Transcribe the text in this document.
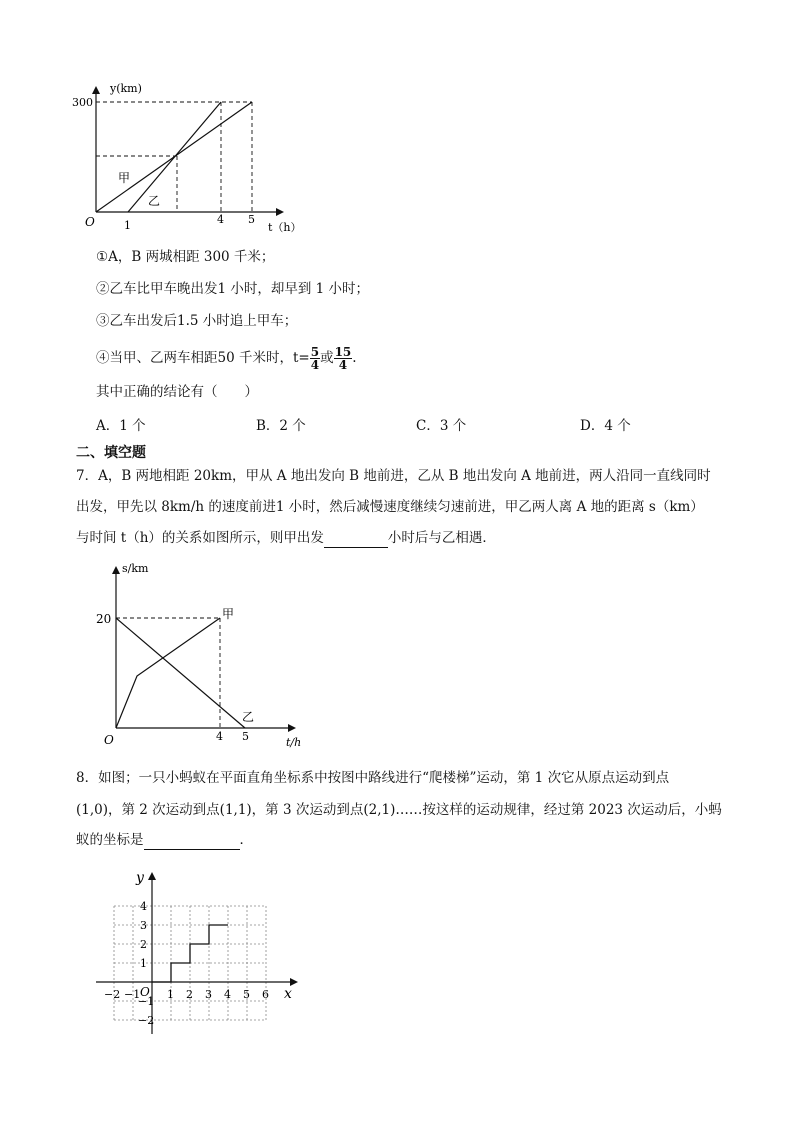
y(km)
300
O	1	4 5
t（h）
甲
乙
①A，B 两城相距 300 千米；
②乙车比甲车晚出发1 小时，却早到 1 小时；
③乙车出发后1.5 小时追上甲车；
④当甲、乙两车相距50 千米时，$t= \frac{5}{4}$ 或 $\frac{15}{4}$ .
其中正确的结论有（　　）
A．1 个	B．2 个	C．3 个	D．4 个
二、填空题
7．A，B 两地相距 20km，甲从 A 地出发向 B 地前进，乙从 B 地出发向 A 地前进，两人沿同一直线同时
出发，甲先以 8km/h 的速度前进1 小时，然后减慢速度继续匀速前进，甲乙两人离 A 地的距离 s（km）
与时间 t（h）的关系如图所示，则甲出发	小时后与乙相遇．
s/km
20
O	4 5	t/h
甲
乙
8．如图；一只小蚂蚁在平面直角坐标系中按图中路线进行“爬楼梯”运动，第 1 次它从原点运动到点
(1,0)，第 2 次运动到点(1,1)，第 3 次运动到点(2,1)……按这样的运动规律，经过第 2023 次运动后，小蚂
蚁的坐标是	．
y
x
O
−2 −1 1 2 3 4 5 6
4
3
2
1
−1
−2
